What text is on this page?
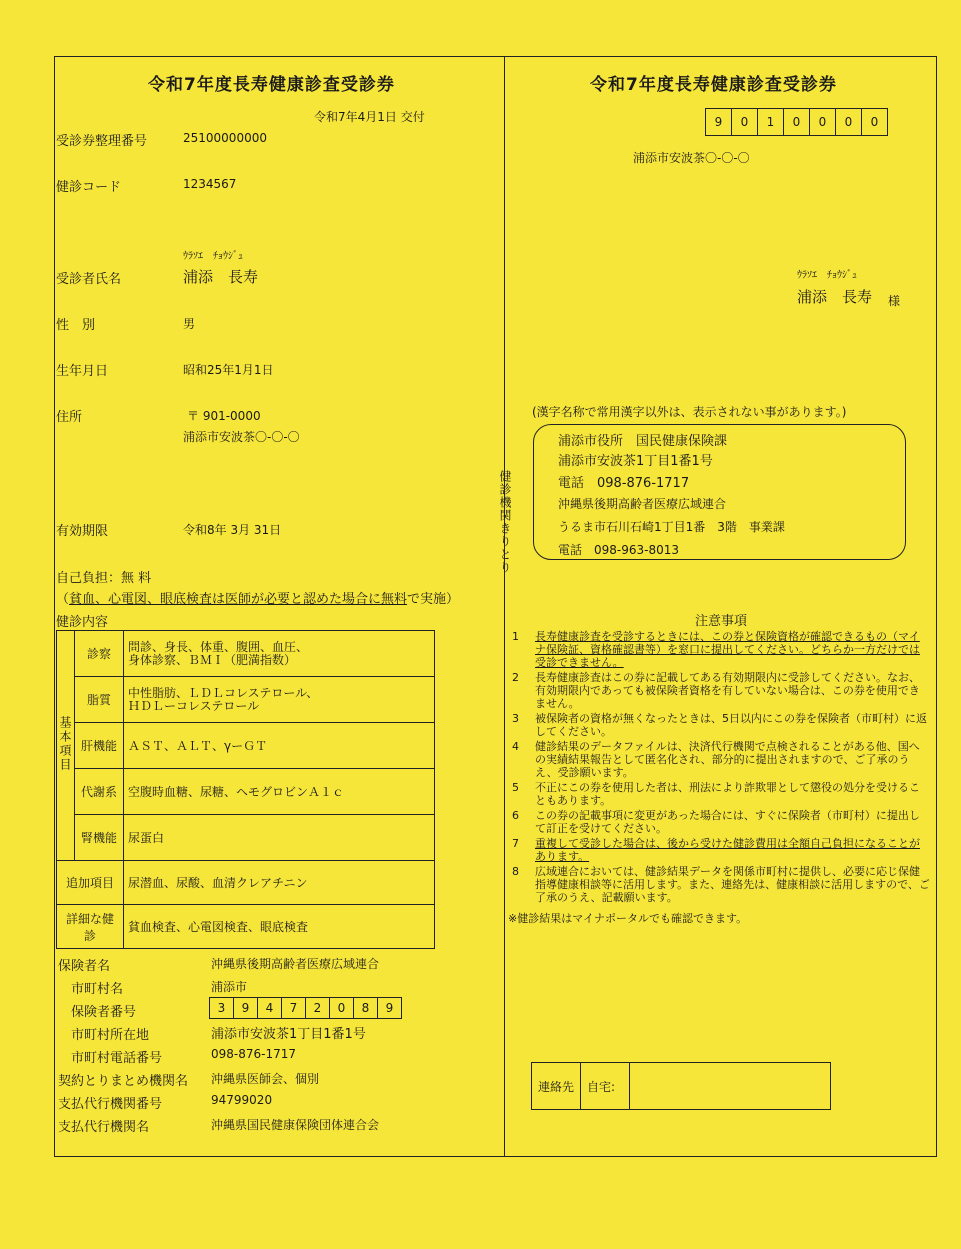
令和7年度長寿健康診査受診券
令和7年4月1日 交付
受診券整理番号	25100000000
健診コード	1234567
ｳﾗｿｴ　ﾁｮｳｼﾞｭ
受診者氏名	浦添　長寿
性　別	男
生年月日	昭和25年1月1日
住所	〒 901-0000
浦添市安波茶〇-〇-〇
有効期限	令和8年 3月 31日
自己負担：無 料
（貧血、心電図、眼底検査は医師が必要と認めた場合に無料で実施）
健診内容
基本項目	診察	問診、身長、体重、腹囲、血圧、
身体診察、ＢＭＩ（肥満指数）
	脂質	中性脂肪、ＬＤＬコレステロール、
ＨＤＬーコレステロール
	肝機能	ＡＳＴ、ＡＬＴ、γーＧＴ
	代謝系	空腹時血糖、尿糖、ヘモグロビンＡ１ｃ
	腎機能	尿蛋白
追加項目		尿潜血、尿酸、血清クレアチニン
詳細な健診		貧血検査、心電図検査、眼底検査
保険者名	沖縄県後期高齢者医療広域連合
市町村名	浦添市
保険者番号	3	9	4	7	2	0	8	9
市町村所在地	浦添市安波茶1丁目1番1号
市町村電話番号	098-876-1717
契約とりまとめ機関名 沖縄県医師会、個別
支払代行機関番号	94799020
支払代行機関名	沖縄県国民健康保険団体連合会
健診機関きりとり
令和7年度長寿健康診査受診券
9	0	1	0	0	0	0
浦添市安波茶〇-〇-〇
ｳﾗｿｴ　ﾁｮｳｼﾞｭ
浦添　長寿 様
(漢字名称で常用漢字以外は、表示されない事があります。)
浦添市役所　国民健康保険課
浦添市安波茶1丁目1番1号
電話　098-876-1717
沖縄県後期高齢者医療広域連合
うるま市石川石崎1丁目1番　3階　事業課
電話　098-963-8013
注意事項
1	長寿健康診査を受診するときには、この券と保険資格が確認できるもの（マイナ保険証、資格確認書等）を窓口に提出してください。どちらか一方だけでは受診できません。
2	長寿健康診査はこの券に記載してある有効期限内に受診してください。なお、有効期限内であっても被保険者資格を有していない場合は、この券を使用できません。
3	被保険者の資格が無くなったときは、5日以内にこの券を保険者（市町村）に返してください。
4	健診結果のデータファイルは、決済代行機関で点検されることがある他、国への実績結果報告として匿名化され、部分的に提出されますので、ご了承のうえ、受診願います。
5	不正にこの券を使用した者は、刑法により詐欺罪として懲役の処分を受けることもあります。
6	この券の記載事項に変更があった場合には、すぐに保険者（市町村）に提出して訂正を受けてください。
7	重複して受診した場合は、後から受けた健診費用は全額自己負担になることがあります。
8	広域連合においては、健診結果データを関係市町村に提供し、必要に応じ保健指導健康相談等に活用します。また、連絡先は、健康相談に活用しますので、ご了承のうえ、記載願います。
※健診結果はマイナポータルでも確認できます。
連絡先	自宅:
